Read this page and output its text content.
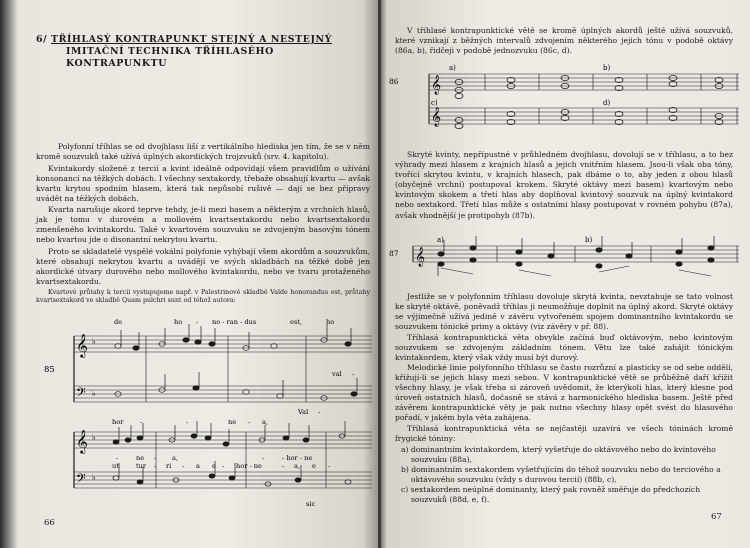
6/ TŘÍHLASÝ KONTRAPUNKT STEJNÝ A NESTEJNÝ
IMITAČNÍ TECHNIKA TŘÍHLASÉHO KONTRAPUNKTU
Polyfonní tříhlas se od dvojhlasu liší z vertikálního hlediska jen tím, že se v něm kromě souzvuků také užívá úplných akordických trojzvuků (srv. 4. kapitolu).
Kvintakordy složené z tercií a kvint ideálně odpovídají všem pravidlům o užívání konsonancí na těžkých dobách. I všechny sextakordy, třebaže obsahují kvartu — avšak kvartu krytou spodním hlasem, která tak nepůsobí rušivě — dají se bez přípravy uvádět na těžkých dobách.
Kvarta narušuje akord teprve tehdy, je-li mezi basem a některým z vrchních hlasů, jak je tomu v durovém a mollovém kvartsextakordu nebo kvartsextakordu zmenšeného kvintakordu. Také v kvartovém souzvuku se zdvojeným basovým tónem nebo kvartou jde o disonantní nekrytou kvartu.
Proto se skladatelé vyspělé vokální polyfonie vyhýbají všem akordům a souzvukům, které obsahují nekrytou kvartu a uvádějí ve svých skladbách na těžké době jen akordické útvary durového nebo mollového kvintakordu, nebo ve tvaru protaženého kvartsextakordu.
Kvartové průtahy k tercii vystupujeme např. v Palestrinově skladbě Valde honorandus est, průtahy kvartsextakord ve skladbě Quam pulchri sunt od téhož autora:
𝄞
𝄢
𝄞
𝄢
♭
♭
♭
♭
85
de	ho - no - ran - dus	est,	ho
val -
Val -
hor	-	-	ne - a,
-	ne - a,	-	- hor - ne
ut	tur - ri - a e - hor - ne	- a, e -
sic
66
V tříhlasé kontrapunktické větě se kromě úplných akordů ještě užívá souzvuků, které vznikají z běžných intervalů zdvojením některého jejich tónu v podobě oktávy (86a, b), řidčeji v podobě jednozvuku (86c, d).
86 𝄞
𝄞
a)	b)
c)	d)
Skryté kvinty, nepřípustné v průhledném dvojhlasu, dovolují se v tříhlasu, a to bez výhrady mezi hlasem z krajních hlasů a jejich vnitřním hlasem. Jsou-li však oba tóny, tvořící skrytou kvintu, v krajních hlasech, pak dbáme o to, aby jeden z obou hlasů (obyčejně vrchní) postupoval krokem. Skryté oktávy mezi basem) kvartovým nebo kvintovým skokem a třetí hlas aby doplňoval kvintový souzvuk na úplný kvintakord nebo sextakord. Třetí hlas může s ostatními hlasy postupovat v rovném pohybu (87a), avšak vhodnější je protipohyb (87b).
87 𝄞
a)	b)
Jestliže se v polyfonním tříhlasu dovoluje skrytá kvinta, nevztahuje se tato volnost ke skryté oktávě, poněvadž tříhlas ji neumožňuje doplnit na úplný akord. Skryté oktávy se výjimečně užívá jedině v závěru vytvořeném spojem dominantního kvintakordu se souzvukem tónické primy a oktávy (viz závěry v př. 88).
Tříhlasá kontrapunktická věta obvykle začíná buď oktávovým, nebo kvintovým souzvukem se zdvojeným základním tónem. Větu lze také zahájit tónickým kvintakordem, který však vždy musí být durový.
Melodické linie polyfonního tříhlasu se často rozrůzní a plasticky se od sebe oddělí, křižují-li se jejich hlasy mezi sebou. V kontrapunktické větě se průběžně daří křížit všechny hlasy, je však třeba si zároveň uvědomit, že kterýkoli hlas, který klesne pod úroveň ostatních hlasů, dočasně se stává z harmonického hlediska basem. Ještě před závěrem kontrapunktické věty je pak nutno všechny hlasy opět svést do hlasového pořadí, v jakém byla věta zahájena.
Tříhlasá kontrapunktická věta se nejčastěji uzavírá ve všech tóninách kromě frygické tóniny:
a) dominantním kvintakordem, který vyšetřuje do oktávového nebo do kvintového souzvuku (88a),
b) dominantním sextakordem vyšetřujícím do téhož souzvuku nebo do terciového a oktávového souzvuku (vždy s durovou tercií) (88b, c),
c) sextakordem neúplné dominanty, který pak rovněž směřuje do předchozích souzvuků (88d, e, f).
67
